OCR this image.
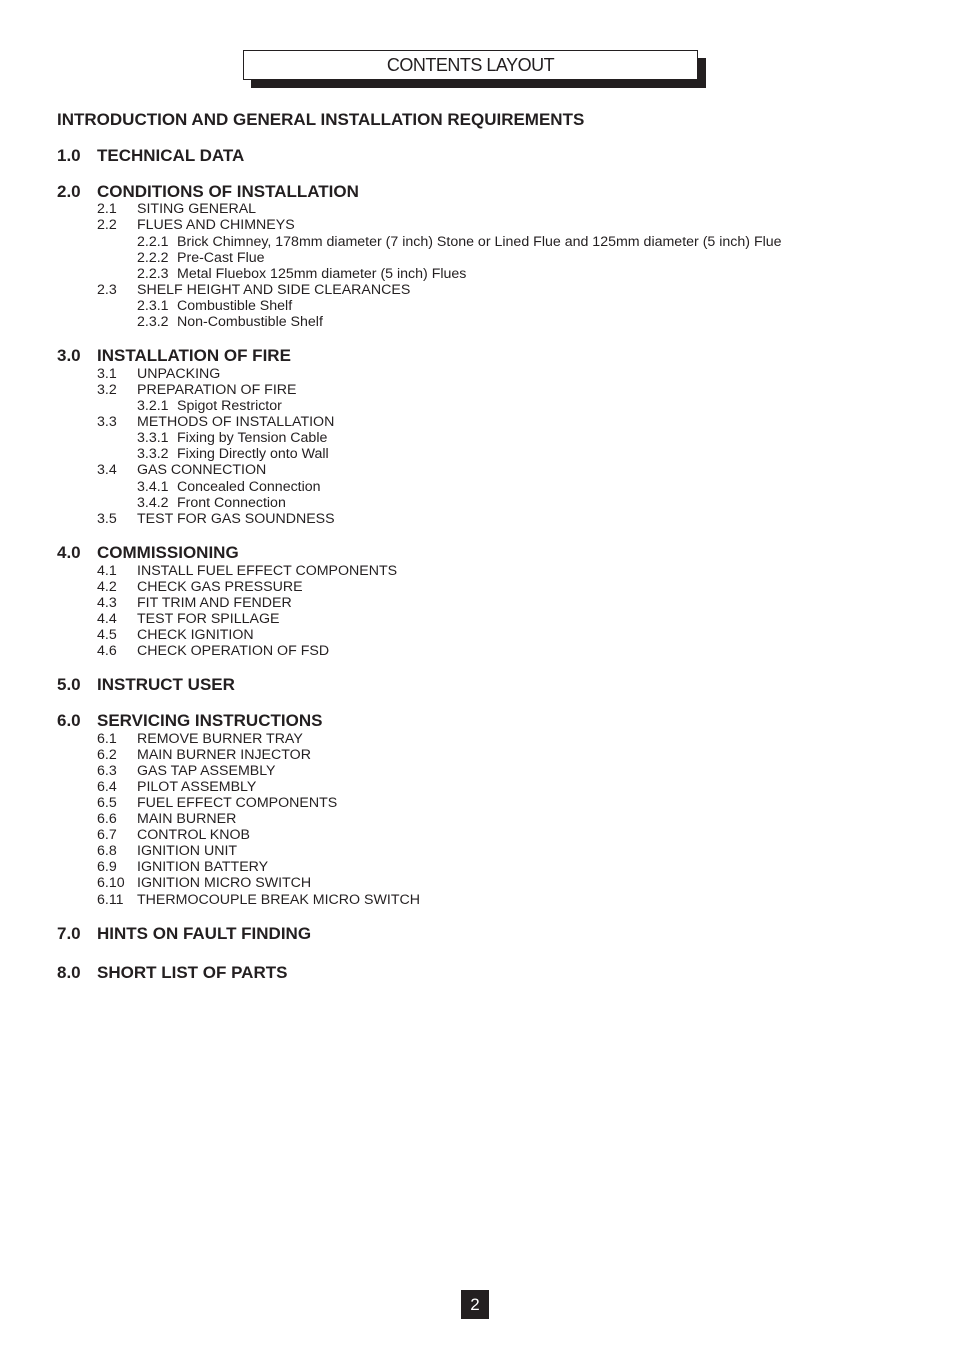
CONTENTS LAYOUT
INTRODUCTION AND GENERAL INSTALLATION REQUIREMENTS
1.0 TECHNICAL DATA
2.0 CONDITIONS OF INSTALLATION
2.1 SITING GENERAL
2.2 FLUES AND CHIMNEYS
2.2.1 Brick Chimney, 178mm diameter (7 inch) Stone or Lined Flue and 125mm diameter (5 inch) Flue
2.2.2 Pre-Cast Flue
2.2.3 Metal Fluebox 125mm diameter (5 inch) Flues
2.3 SHELF HEIGHT AND SIDE CLEARANCES
2.3.1 Combustible Shelf
2.3.2 Non-Combustible Shelf
3.0 INSTALLATION OF FIRE
3.1 UNPACKING
3.2 PREPARATION OF FIRE
3.2.1 Spigot Restrictor
3.3 METHODS OF INSTALLATION
3.3.1 Fixing by Tension Cable
3.3.2 Fixing Directly onto Wall
3.4 GAS CONNECTION
3.4.1 Concealed Connection
3.4.2 Front Connection
3.5 TEST FOR GAS SOUNDNESS
4.0 COMMISSIONING
4.1 INSTALL FUEL EFFECT COMPONENTS
4.2 CHECK GAS PRESSURE
4.3 FIT TRIM AND FENDER
4.4 TEST FOR SPILLAGE
4.5 CHECK IGNITION
4.6 CHECK OPERATION OF FSD
5.0 INSTRUCT USER
6.0 SERVICING INSTRUCTIONS
6.1 REMOVE BURNER TRAY
6.2 MAIN BURNER INJECTOR
6.3 GAS TAP ASSEMBLY
6.4 PILOT ASSEMBLY
6.5 FUEL EFFECT COMPONENTS
6.6 MAIN BURNER
6.7 CONTROL KNOB
6.8 IGNITION UNIT
6.9 IGNITION BATTERY
6.10 IGNITION MICRO SWITCH
6.11 THERMOCOUPLE BREAK MICRO SWITCH
7.0 HINTS ON FAULT FINDING
8.0 SHORT LIST OF PARTS
2
